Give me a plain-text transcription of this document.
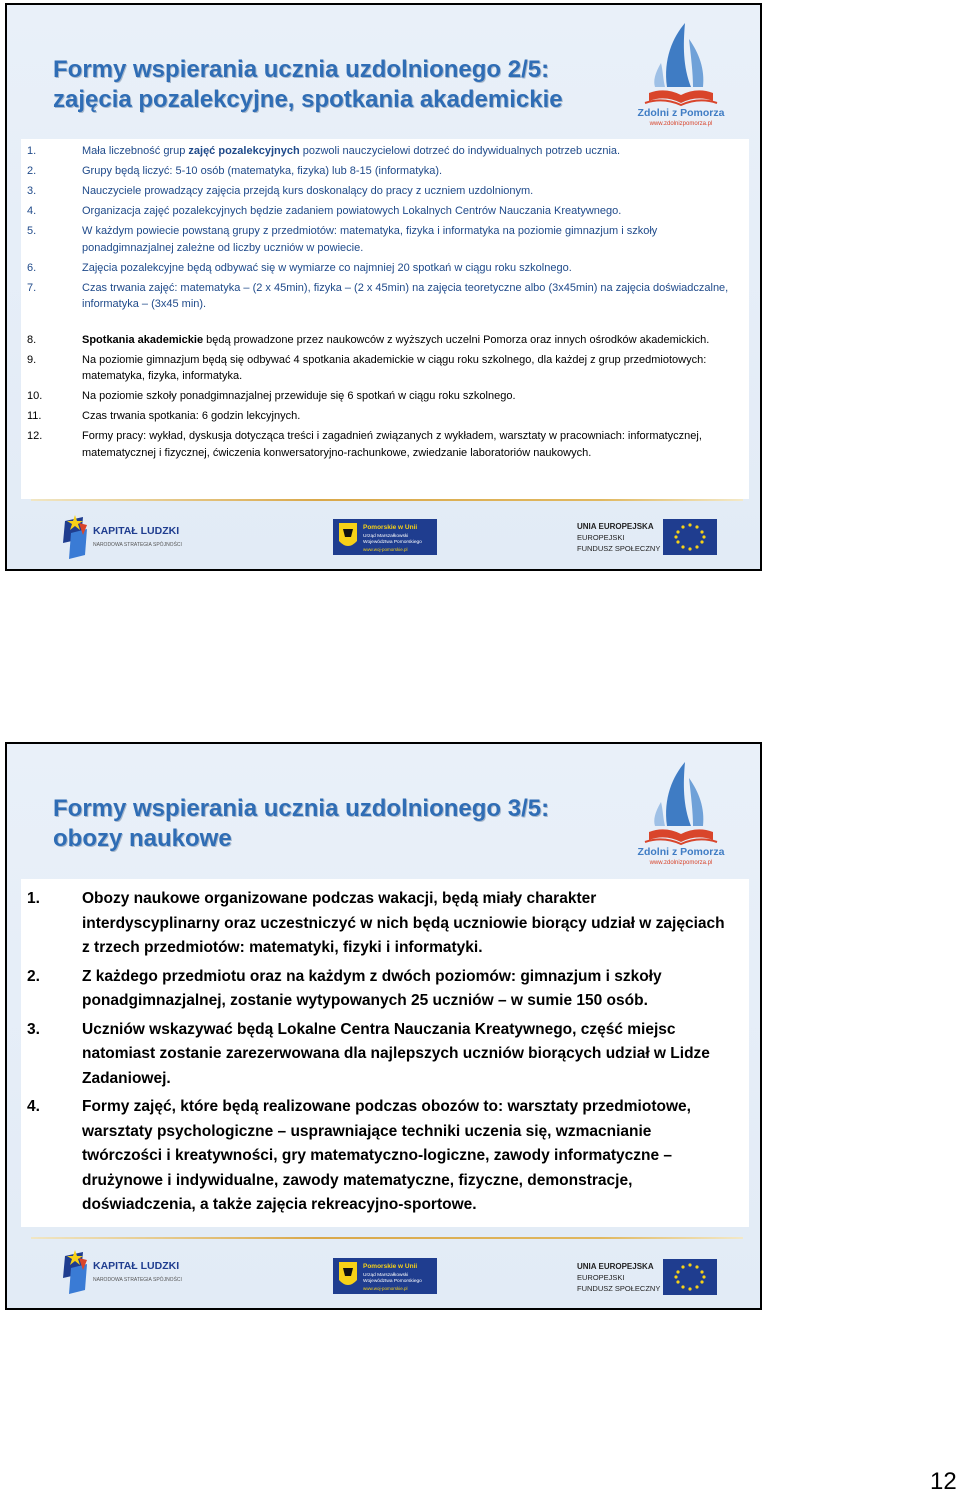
Formy wspierania ucznia uzdolnionego 2/5:
zajęcia pozalekcyjne, spotkania akademickie	Zdolni z Pomorza
www.zdolnizpomorza.pl
1.	Mała liczebność grup zajęć pozalekcyjnych pozwoli nauczycielowi dotrzeć do indywidualnych potrzeb ucznia.
2.	Grupy będą liczyć: 5-10 osób (matematyka, fizyka) lub 8-15 (informatyka).
3.	Nauczyciele prowadzący zajęcia przejdą kurs doskonalący do pracy z uczniem uzdolnionym.
4.	Organizacja zajęć pozalekcyjnych będzie zadaniem powiatowych Lokalnych Centrów Nauczania Kreatywnego.
5.	W każdym powiecie powstaną grupy z przedmiotów: matematyka, fizyka i informatyka na poziomie gimnazjum i szkoły ponadgimnazjalnej zależne od liczby uczniów w powiecie.
6.	Zajęcia pozalekcyjne będą odbywać się w wymiarze co najmniej 20 spotkań w ciągu roku szkolnego.
7.	Czas trwania zajęć: matematyka – (2 x 45min), fizyka – (2 x 45min) na zajęcia teoretyczne albo (3x45min) na zajęcia doświadczalne, informatyka – (3x45 min).
8.	Spotkania akademickie będą prowadzone przez naukowców z wyższych uczelni Pomorza oraz innych ośrodków akademickich.
9.	Na poziomie gimnazjum będą się odbywać 4 spotkania akademickie w ciągu roku szkolnego, dla każdej z grup przedmiotowych: matematyka, fizyka, informatyka.
10.	Na poziomie szkoły ponadgimnazjalnej przewiduje się 6 spotkań w ciągu roku szkolnego.
11.	Czas trwania spotkania: 6 godzin lekcyjnych.
12.	Formy pracy: wykład, dyskusja dotycząca treści i zagadnień związanych z wykładem, warsztaty w pracowniach: informatycznej, matematycznej i fizycznej, ćwiczenia konwersatoryjno-rachunkowe, zwiedzanie laboratoriów naukowych.
KAPITAŁ LUDZKI
NARODOWA STRATEGIA SPÓJNOŚCI
Pomorskie w Unii
Urząd Marszałkowski
Województwa Pomorskiego
www.woj-pomorskie.pl
UNIA EUROPEJSKA
EUROPEJSKI
FUNDUSZ SPOŁECZNY
Formy wspierania ucznia uzdolnionego 3/5:
obozy naukowe	Zdolni z Pomorza
www.zdolnizpomorza.pl
1.	Obozy naukowe organizowane podczas wakacji, będą miały charakter interdyscyplinarny oraz uczestniczyć w nich będą uczniowie biorący udział w zajęciach z trzech przedmiotów: matematyki, fizyki i informatyki.
2.	Z każdego przedmiotu oraz na każdym z dwóch poziomów: gimnazjum i szkoły ponadgimnazjalnej, zostanie wytypowanych 25 uczniów – w sumie 150 osób.
3.	Uczniów wskazywać będą Lokalne Centra Nauczania Kreatywnego, część miejsc natomiast zostanie zarezerwowana dla najlepszych uczniów biorących udział w Lidze Zadaniowej.
4.	Formy zajęć, które będą realizowane podczas obozów to: warsztaty przedmiotowe, warsztaty psychologiczne – usprawniające techniki uczenia się, wzmacnianie twórczości i kreatywności, gry matematyczno-logiczne, zawody informatyczne – drużynowe i indywidualne, zawody matematyczne, fizyczne, demonstracje, doświadczenia, a także zajęcia rekreacyjno-sportowe.
KAPITAŁ LUDZKI
NARODOWA STRATEGIA SPÓJNOŚCI
Pomorskie w Unii
Urząd Marszałkowski
Województwa Pomorskiego
www.woj-pomorskie.pl
UNIA EUROPEJSKA
EUROPEJSKI
FUNDUSZ SPOŁECZNY
12
